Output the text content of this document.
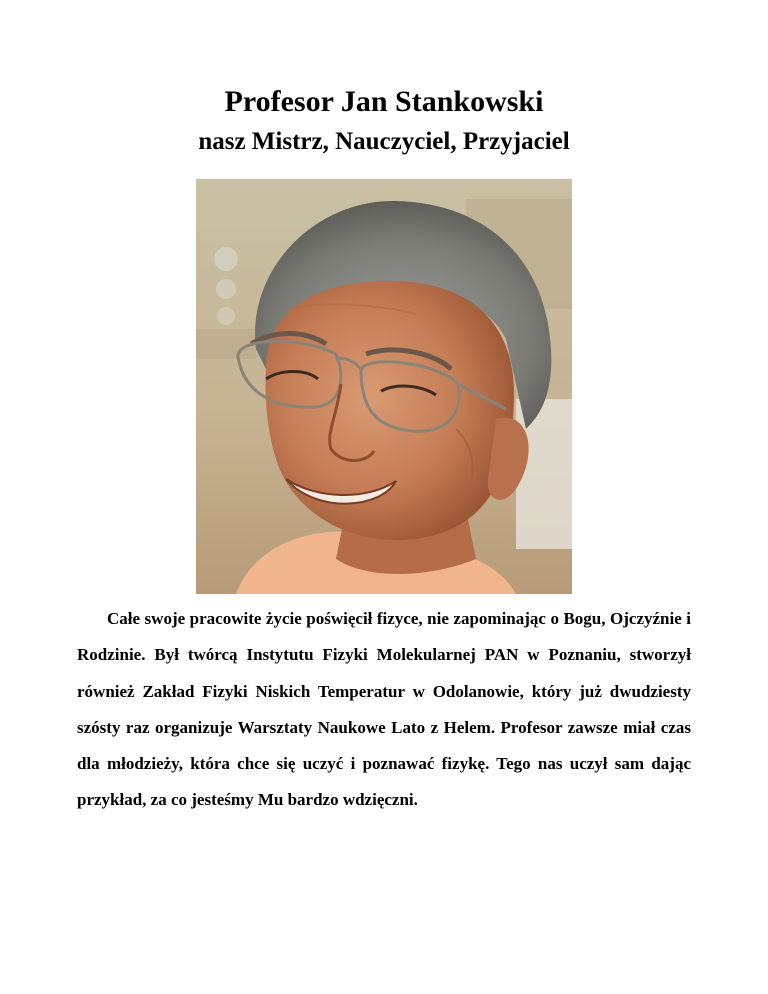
Profesor Jan Stankowski
nasz Mistrz, Nauczyciel, Przyjaciel

Całe swoje pracowite życie poświęcił fizyce, nie zapominając o Bogu, Ojczyźnie i Rodzinie. Był twórcą Instytutu Fizyki Molekularnej PAN w Poznaniu, stworzył również Zakład Fizyki Niskich Temperatur w Odolanowie, który już dwudziesty szósty raz organizuje Warsztaty Naukowe Lato z Helem. Profesor zawsze miał czas dla młodzieży, która chce się uczyć i poznawać fizykę. Tego nas uczył sam dając przykład, za co jesteśmy Mu bardzo wdzięczni.
